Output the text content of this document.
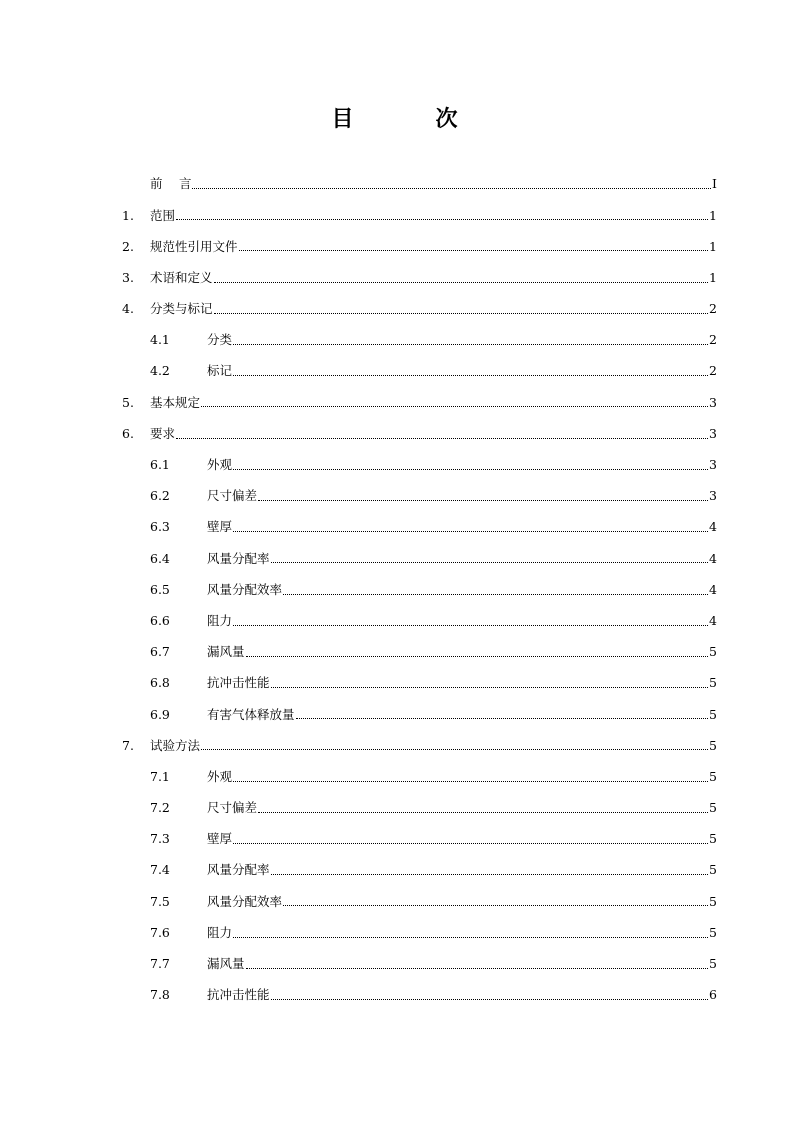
目　次
前　 言	I
1.	范围	1
2.	规范性引用文件	1
3.	术语和定义	1
4.	分类与标记	2
4.1	分类	2
4.2	标记	2
5.	基本规定	3
6.	要求	3
6.1	外观	3
6.2	尺寸偏差	3
6.3	壁厚	4
6.4	风量分配率	4
6.5	风量分配效率	4
6.6	阻力	4
6.7	漏风量	5
6.8	抗冲击性能	5
6.9	有害气体释放量	5
7.	试验方法	5
7.1	外观	5
7.2	尺寸偏差	5
7.3	壁厚	5
7.4	风量分配率	5
7.5	风量分配效率	5
7.6	阻力	5
7.7	漏风量	5
7.8	抗冲击性能	6
